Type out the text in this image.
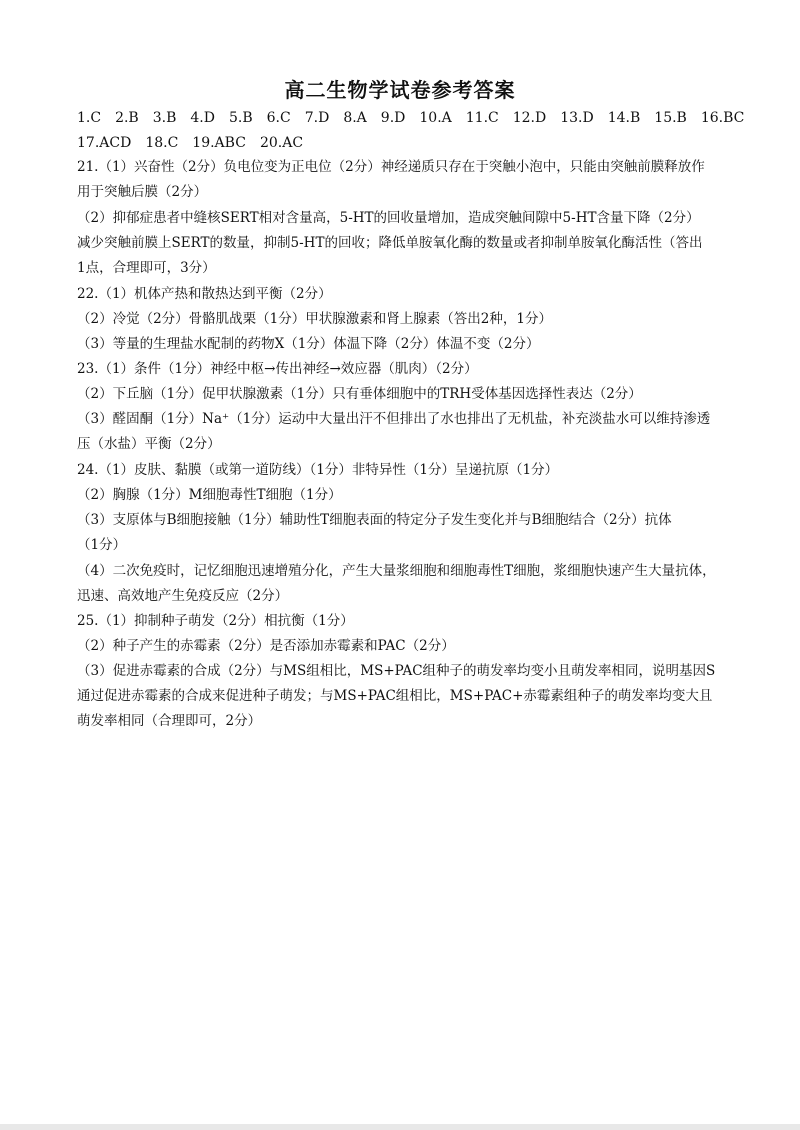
高二生物学试卷参考答案
1.C 2.B 3.B 4.D 5.B 6.C 7.D 8.A 9.D 10.A 11.C 12.D 13.D 14.B 15.B 16.BC
17.ACD 18.C 19.ABC 20.AC
21.（1）兴奋性（2分）负电位变为正电位（2分）神经递质只存在于突触小泡中，只能由突触前膜释放作
用于突触后膜（2分）
（2）抑郁症患者中缝核SERT相对含量高，5-HT的回收量增加，造成突触间隙中5-HT含量下降（2分）
减少突触前膜上SERT的数量，抑制5-HT的回收；降低单胺氧化酶的数量或者抑制单胺氧化酶活性（答出
1点，合理即可，3分）
22.（1）机体产热和散热达到平衡（2分）
（2）冷觉（2分）骨骼肌战栗（1分）甲状腺激素和肾上腺素（答出2种，1分）
（3）等量的生理盐水配制的药物X（1分）体温下降（2分）体温不变（2分）
23.（1）条件（1分）神经中枢→传出神经→效应器（肌肉）（2分）
（2）下丘脑（1分）促甲状腺激素（1分）只有垂体细胞中的TRH受体基因选择性表达（2分）
（3）醛固酮（1分）Na⁺（1分）运动中大量出汗不但排出了水也排出了无机盐，补充淡盐水可以维持渗透
压（水盐）平衡（2分）
24.（1）皮肤、黏膜（或第一道防线）（1分）非特异性（1分）呈递抗原（1分）
（2）胸腺（1分）M细胞毒性T细胞（1分）
（3）支原体与B细胞接触（1分）辅助性T细胞表面的特定分子发生变化并与B细胞结合（2分）抗体
（1分）
（4）二次免疫时，记忆细胞迅速增殖分化，产生大量浆细胞和细胞毒性T细胞，浆细胞快速产生大量抗体，
迅速、高效地产生免疫反应（2分）
25.（1）抑制种子萌发（2分）相抗衡（1分）
（2）种子产生的赤霉素（2分）是否添加赤霉素和PAC（2分）
（3）促进赤霉素的合成（2分）与MS组相比，MS+PAC组种子的萌发率均变小且萌发率相同，说明基因S
通过促进赤霉素的合成来促进种子萌发；与MS+PAC组相比，MS+PAC+赤霉素组种子的萌发率均变大且
萌发率相同（合理即可，2分）
